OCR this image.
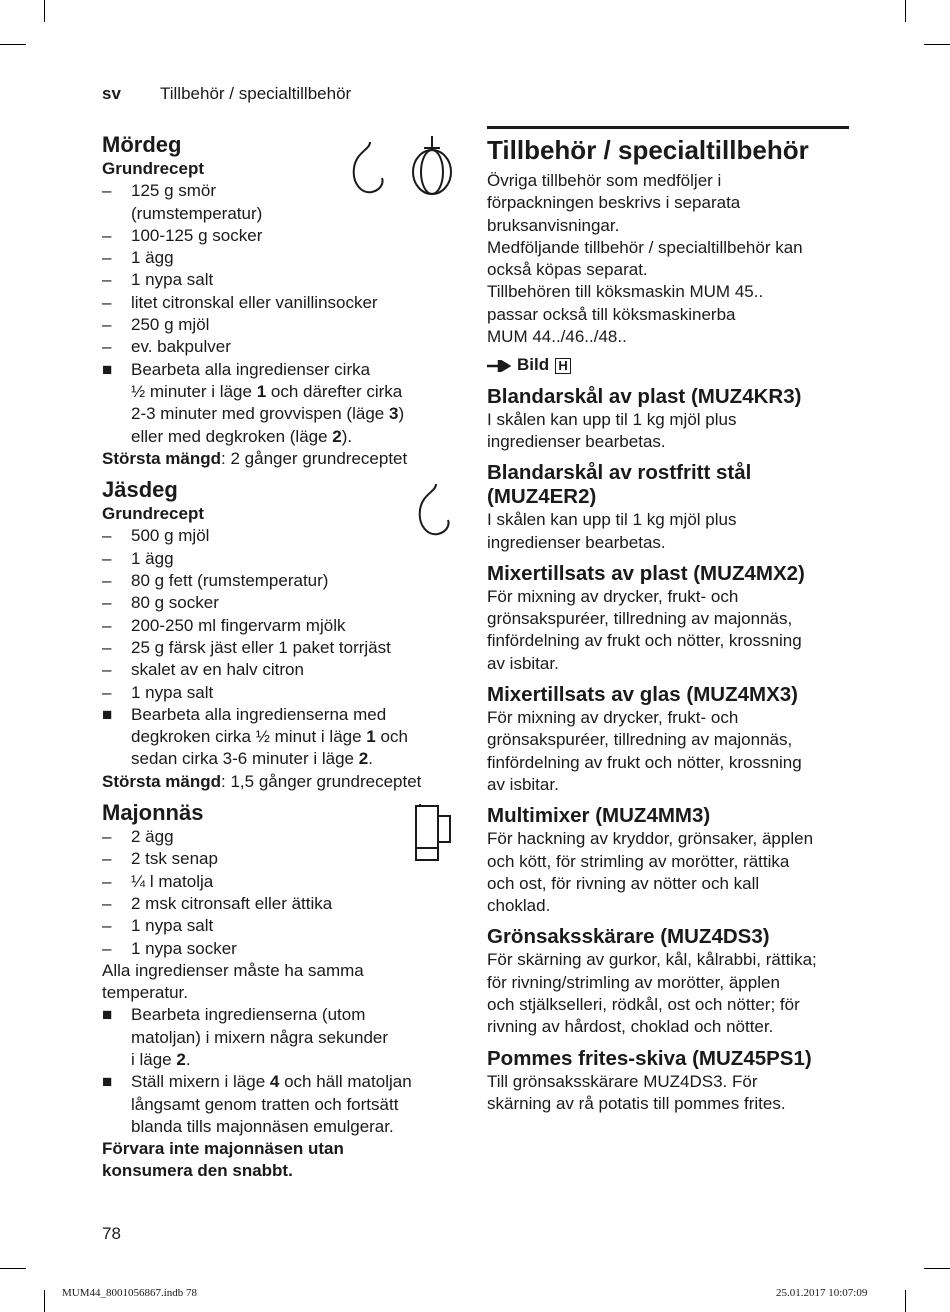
sv Tillbehör / specialtillbehör
Mördeg
Grundrecept
– 125 g smör
(rumstemperatur)
– 100-125 g socker
– 1 ägg
– 1 nypa salt
– litet citronskal eller vanillinsocker
– 250 g mjöl
– ev. bakpulver
■ Bearbeta alla ingredienser cirka
½ minuter i läge 1 och därefter cirka
2-3 minuter med grovvispen (läge 3)
eller med degkroken (läge 2).
Största mängd: 2 gånger grundreceptet
Jäsdeg
Grundrecept
– 500 g mjöl
– 1 ägg
– 80 g fett (rumstemperatur)
– 80 g socker
– 200-250 ml fingervarm mjölk
– 25 g färsk jäst eller 1 paket torrjäst
– skalet av en halv citron
– 1 nypa salt
■ Bearbeta alla ingredienserna med
degkroken cirka ½ minut i läge 1 och
sedan cirka 3-6 minuter i läge 2.
Största mängd: 1,5 gånger grundreceptet
Majonnäs
– 2 ägg
– 2 tsk senap
– ¼ l matolja
– 2 msk citronsaft eller ättika
– 1 nypa salt
– 1 nypa socker
Alla ingredienser måste ha samma
temperatur.
■ Bearbeta ingredienserna (utom
matoljan) i mixern några sekunder
i läge 2.
■ Ställ mixern i läge 4 och häll matoljan
långsamt genom tratten och fortsätt
blanda tills majonnäsen emulgerar.
Förvara inte majonnäsen utan
konsumera den snabbt.
Tillbehör / specialtillbehör
Övriga tillbehör som medföljer i
förpackningen beskrivs i separata
bruksanvisningar.
Medföljande tillbehör / specialtillbehör kan
också köpas separat.
Tillbehören till köksmaskin MUM 45..
passar också till köksmaskinerba
MUM 44../46../48..
Bild H
Blandarskål av plast (MUZ4KR3)
I skålen kan upp til 1 kg mjöl plus
ingredienser bearbetas.
Blandarskål av rostfritt stål
(MUZ4ER2)
I skålen kan upp til 1 kg mjöl plus
ingredienser bearbetas.
Mixertillsats av plast (MUZ4MX2)
För mixning av drycker, frukt- och
grönsakspuréer, tillredning av majonnäs,
finfördelning av frukt och nötter, krossning
av isbitar.
Mixertillsats av glas (MUZ4MX3)
För mixning av drycker, frukt- och
grönsakspuréer, tillredning av majonnäs,
finfördelning av frukt och nötter, krossning
av isbitar.
Multimixer (MUZ4MM3)
För hackning av kryddor, grönsaker, äpplen
och kött, för strimling av morötter, rättika
och ost, för rivning av nötter och kall
choklad.
Grönsaksskärare (MUZ4DS3)
För skärning av gurkor, kål, kålrabbi, rättika;
för rivning/strimling av morötter, äpplen
och stjälkselleri, rödkål, ost och nötter; för
rivning av hårdost, choklad och nötter.
Pommes frites-skiva (MUZ45PS1)
Till grönsaksskärare MUZ4DS3. För
skärning av rå potatis till pommes frites.
78
MUM44_8001056867.indb 78	25.01.2017 10:07:09
